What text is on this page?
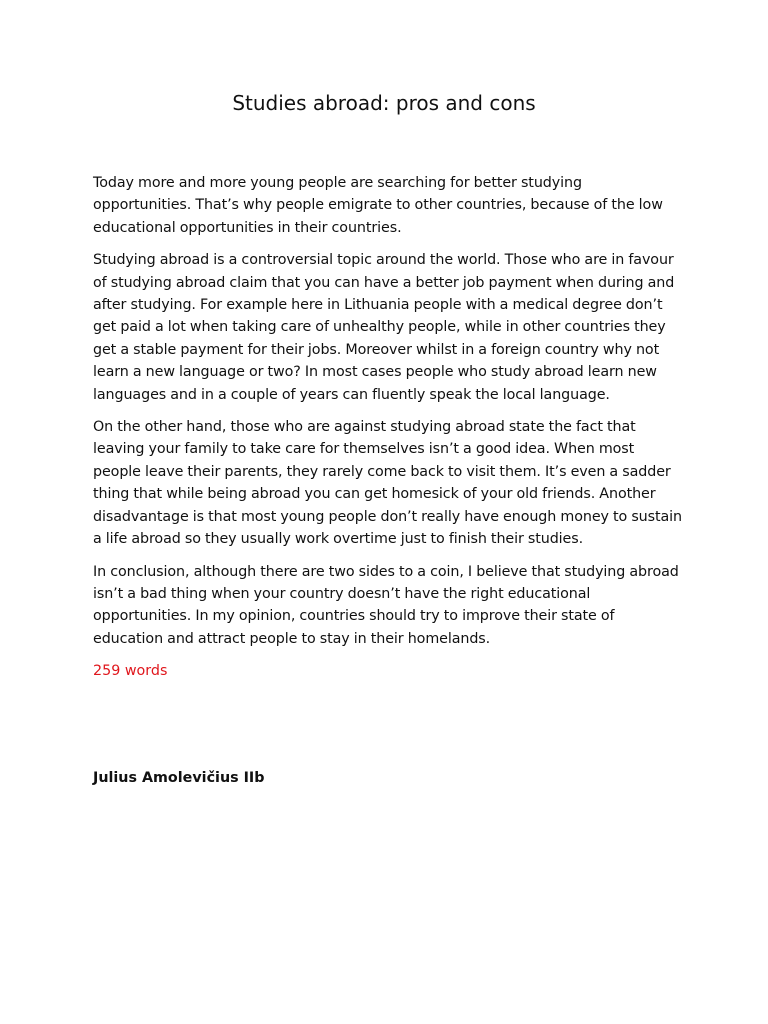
Studies abroad: pros and cons

Today more and more young people are searching for better studying opportunities. That’s why people emigrate to other countries, because of the low educational opportunities in their countries.

Studying abroad is a controversial topic around the world. Those who are in favour of studying abroad claim that you can have a better job payment when during and after studying. For example here in Lithuania people with a medical degree don’t get paid a lot when taking care of unhealthy people, while in other countries they get a stable payment for their jobs. Moreover whilst in a foreign country why not learn a new language or two? In most cases people who study abroad learn new languages and in a couple of years can fluently speak the local language.

On the other hand, those who are against studying abroad state the fact that leaving your family to take care for themselves isn’t a good idea. When most people leave their parents, they rarely come back to visit them. It’s even a sadder thing that while being abroad you can get homesick of your old friends. Another disadvantage is that most young people don’t really have enough money to sustain a life abroad so they usually work overtime just to finish their studies.

In conclusion, although there are two sides to a coin, I believe that studying abroad isn’t a bad thing when your country doesn’t have the right educational opportunities. In my opinion, countries should try to improve their state of education and attract people to stay in their homelands.

259 words

Julius Amolevičius IIb
